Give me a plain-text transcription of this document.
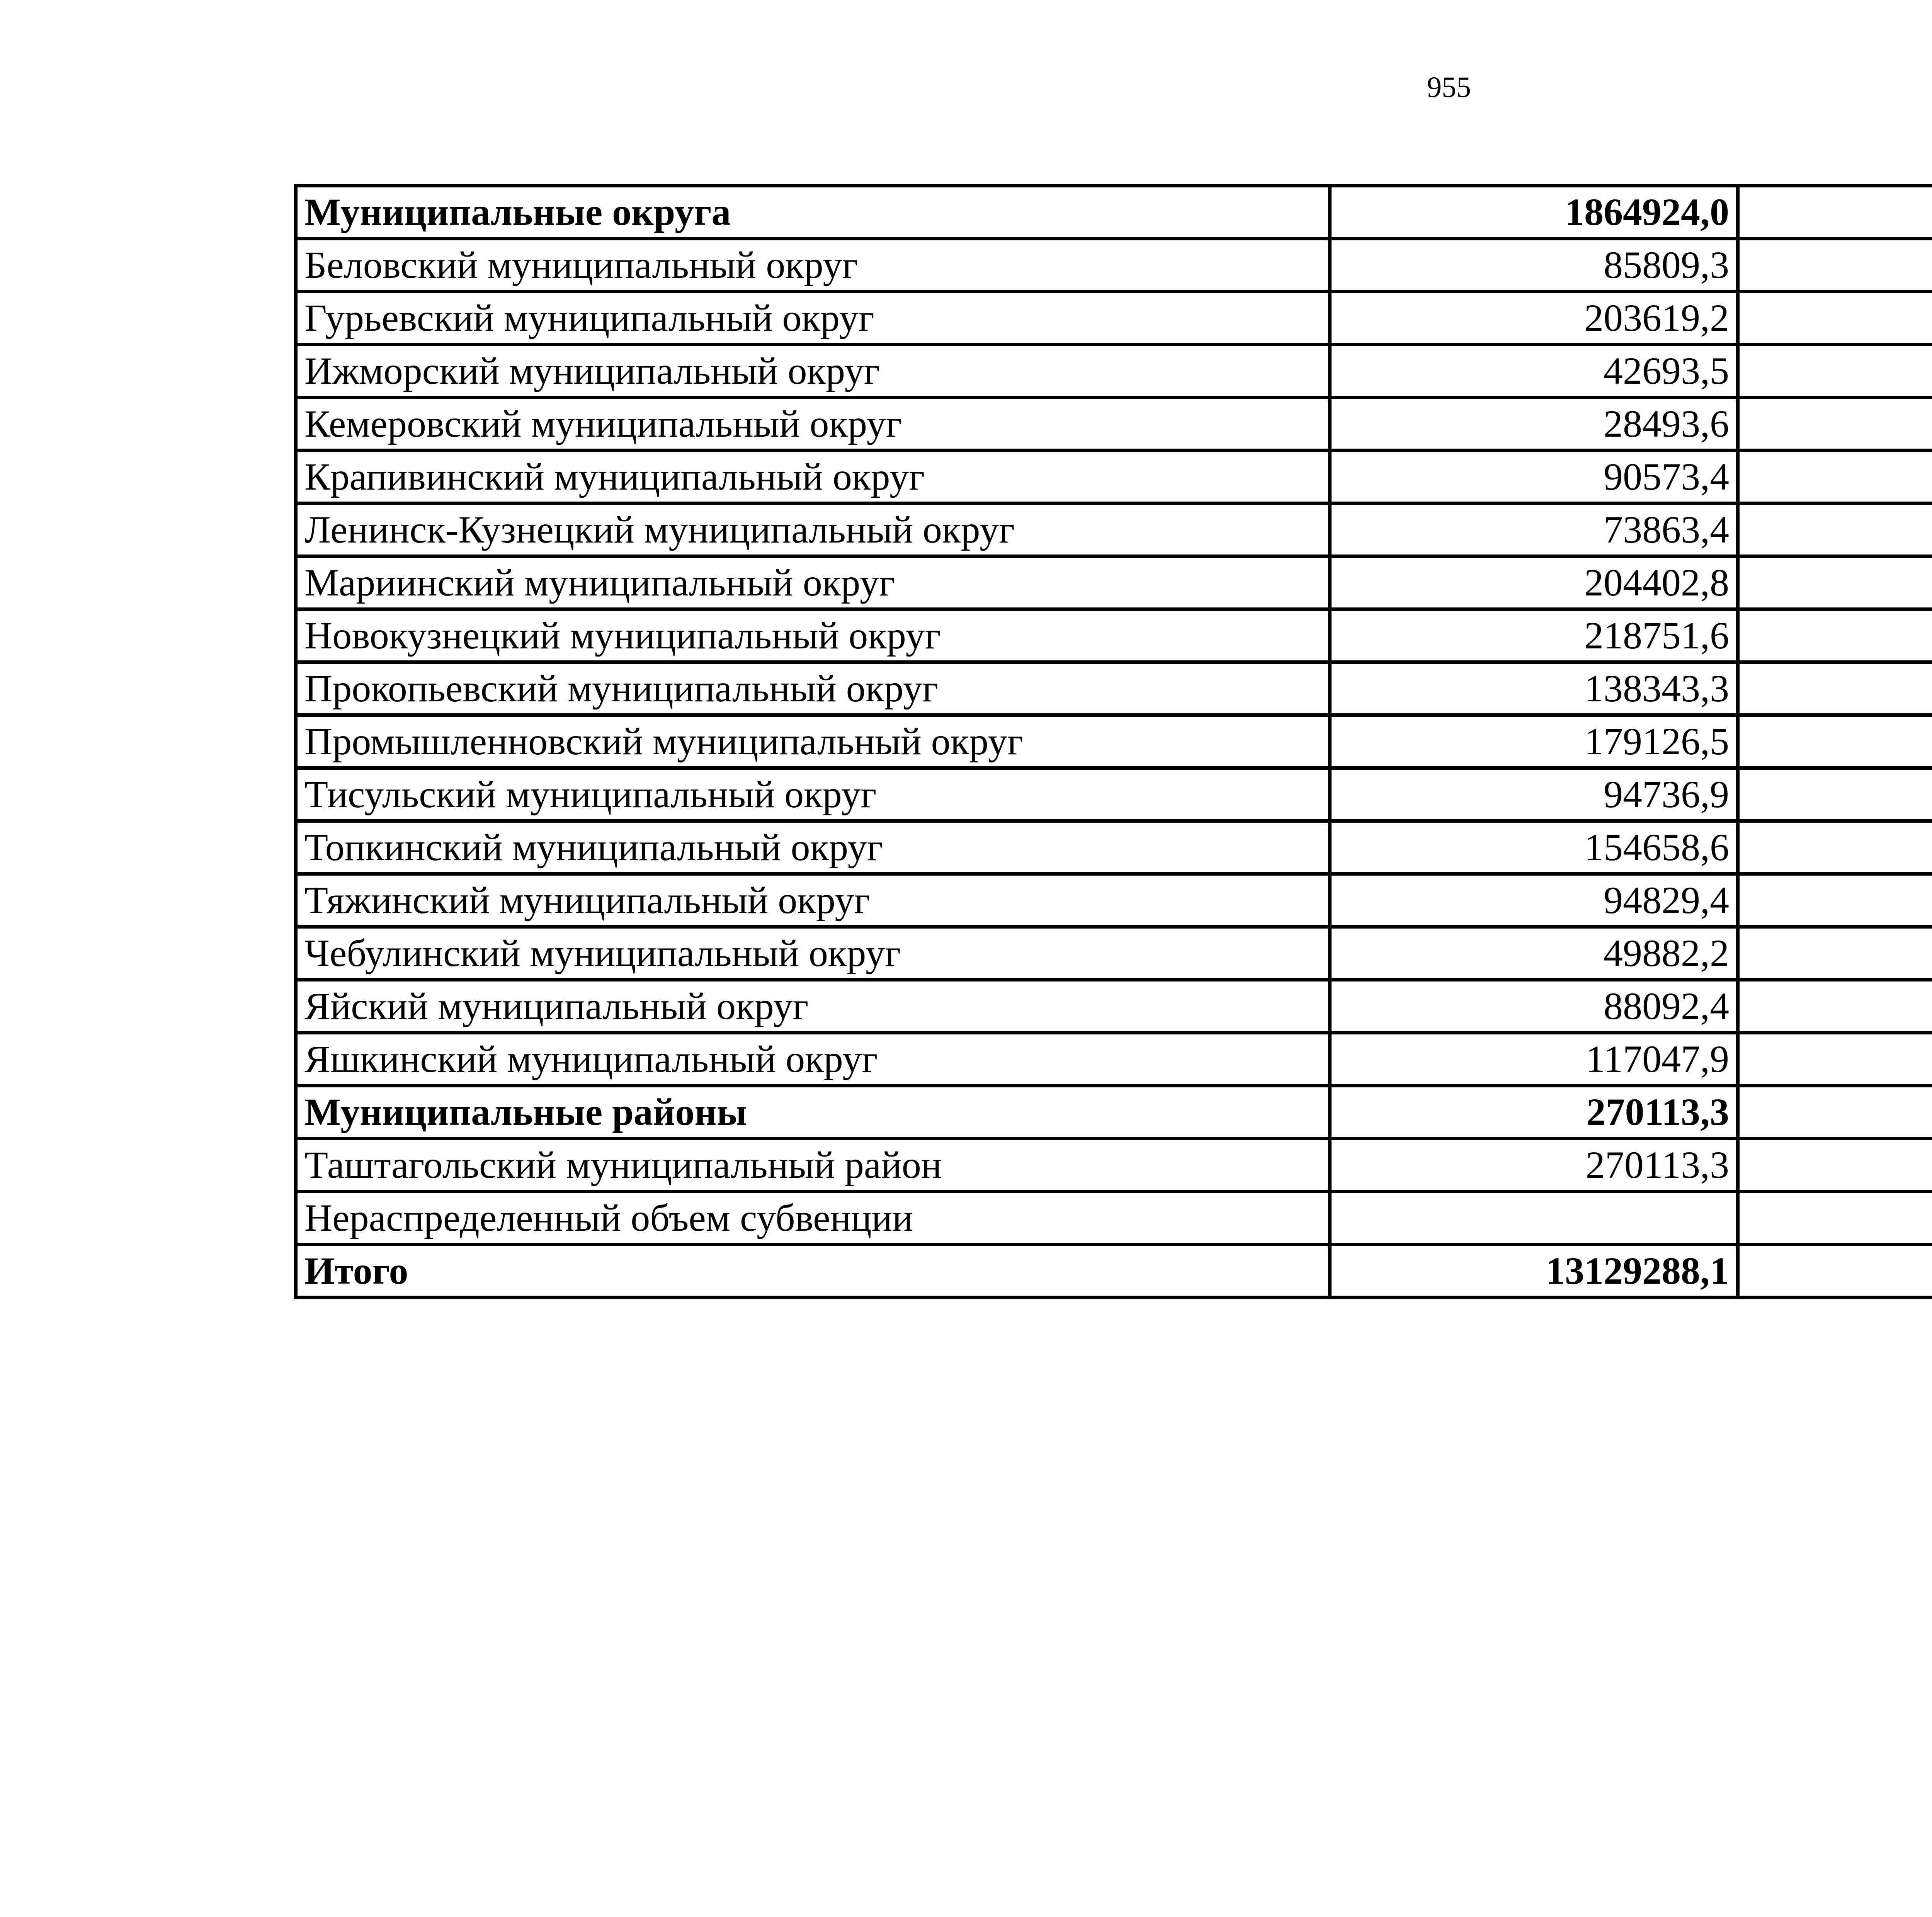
955
Муниципальные округа	1864924,0		
Беловский муниципальный округ	85809,3		
Гурьевский муниципальный округ	203619,2		
Ижморский муниципальный округ	42693,5		
Кемеровский муниципальный округ	28493,6		
Крапивинский муниципальный округ	90573,4		
Ленинск-Кузнецкий муниципальный округ	73863,4		
Мариинский муниципальный округ	204402,8		
Новокузнецкий муниципальный округ	218751,6		
Прокопьевский муниципальный округ	138343,3		
Промышленновский муниципальный округ	179126,5		
Тисульский муниципальный округ	94736,9		
Топкинский муниципальный округ	154658,6		
Тяжинский муниципальный округ	94829,4		
Чебулинский муниципальный округ	49882,2		
Яйский муниципальный округ	88092,4		
Яшкинский муниципальный округ	117047,9		
Муниципальные районы	270113,3		
Таштагольский муниципальный район	270113,3		
Нераспределенный объем субвенции			
Итого	13129288,1		
